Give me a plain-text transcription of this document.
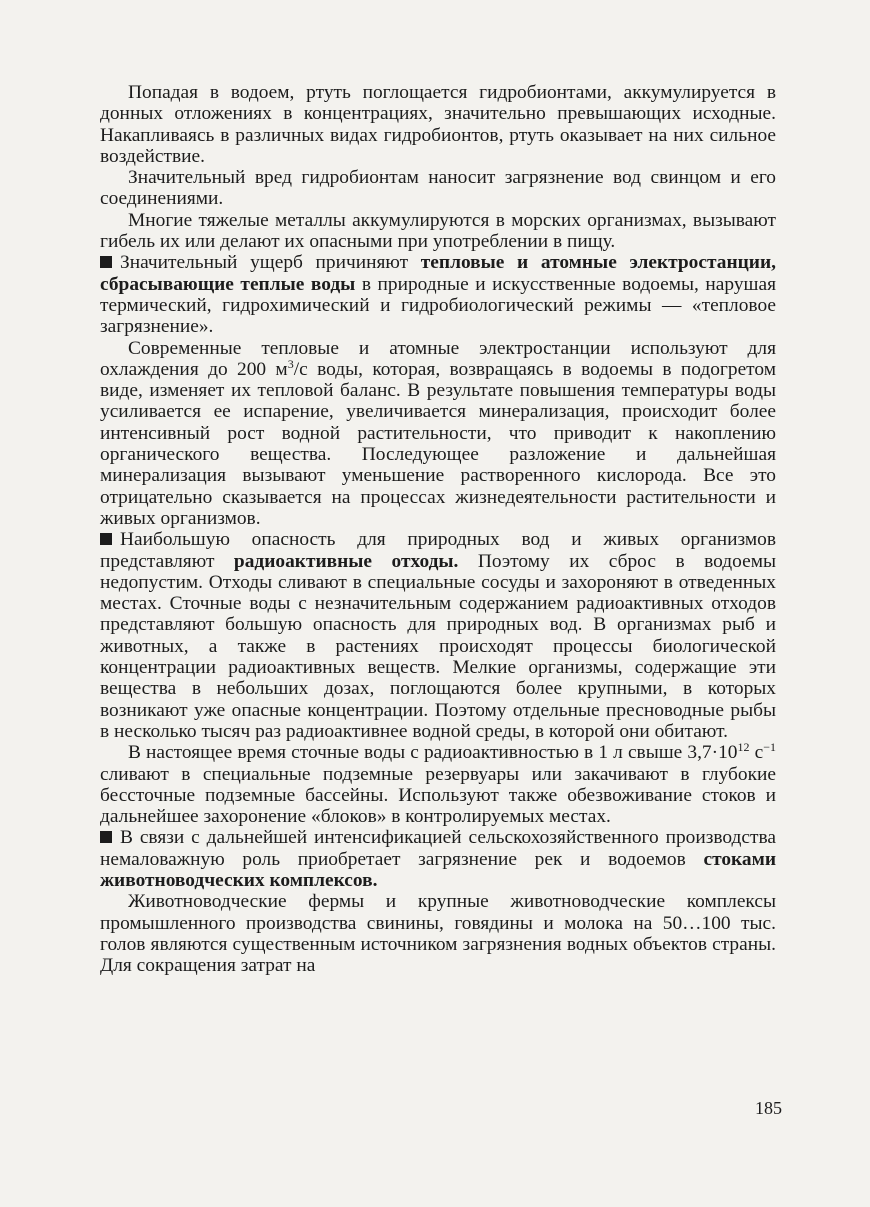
Попадая в водоем, ртуть поглощается гидробионтами, аккумулируется в донных отложениях в концентрациях, значительно превышающих исходные. Накапливаясь в различных видах гидробионтов, ртуть оказывает на них сильное воздействие.

Значительный вред гидробионтам наносит загрязнение вод свинцом и его соединениями.

Многие тяжелые металлы аккумулируются в морских организмах, вызывают гибель их или делают их опасными при употреблении в пищу.

Значительный ущерб причиняют тепловые и атомные электростанции, сбрасывающие теплые воды в природные и искусственные водоемы, нарушая термический, гидрохимический и гидробиологический режимы — «тепловое загрязнение».

Современные тепловые и атомные электростанции используют для охлаждения до 200 $м^3/с$ воды, которая, возвращаясь в водоемы в подогретом виде, изменяет их тепловой баланс. В результате повышения температуры воды усиливается ее испарение, увеличивается минерализация, происходит более интенсивный рост водной растительности, что приводит к накоплению органического вещества. Последующее разложение и дальнейшая минерализация вызывают уменьшение растворенного кислорода. Все это отрицательно сказывается на процессах жизнедеятельности растительности и живых организмов.

Наибольшую опасность для природных вод и живых организмов представляют радиоактивные отходы. Поэтому их сброс в водоемы недопустим. Отходы сливают в специальные сосуды и захороняют в отведенных местах. Сточные воды с незначительным содержанием радиоактивных отходов представляют большую опасность для природных вод. В организмах рыб и животных, а также в растениях происходят процессы биологической концентрации радиоактивных веществ. Мелкие организмы, содержащие эти вещества в небольших дозах, поглощаются более крупными, в которых возникают уже опасные концентрации. Поэтому отдельные пресноводные рыбы в несколько тысяч раз радиоактивнее водной среды, в которой они обитают.

В настоящее время сточные воды с радиоактивностью в 1 л свыше $3,7\cdot 10^{12}$ $с^{-1}$ сливают в специальные подземные резервуары или закачивают в глубокие бессточные подземные бассейны. Используют также обезвоживание стоков и дальнейшее захоронение «блоков» в контролируемых местах.

В связи с дальнейшей интенсификацией сельскохозяйственного производства немаловажную роль приобретает загрязнение рек и водоемов стоками животноводческих комплексов.

Животноводческие фермы и крупные животноводческие комплексы промышленного производства свинины, говядины и молока на 50…100 тыс. голов являются существенным источником загрязнения водных объектов страны. Для сокращения затрат на

185
